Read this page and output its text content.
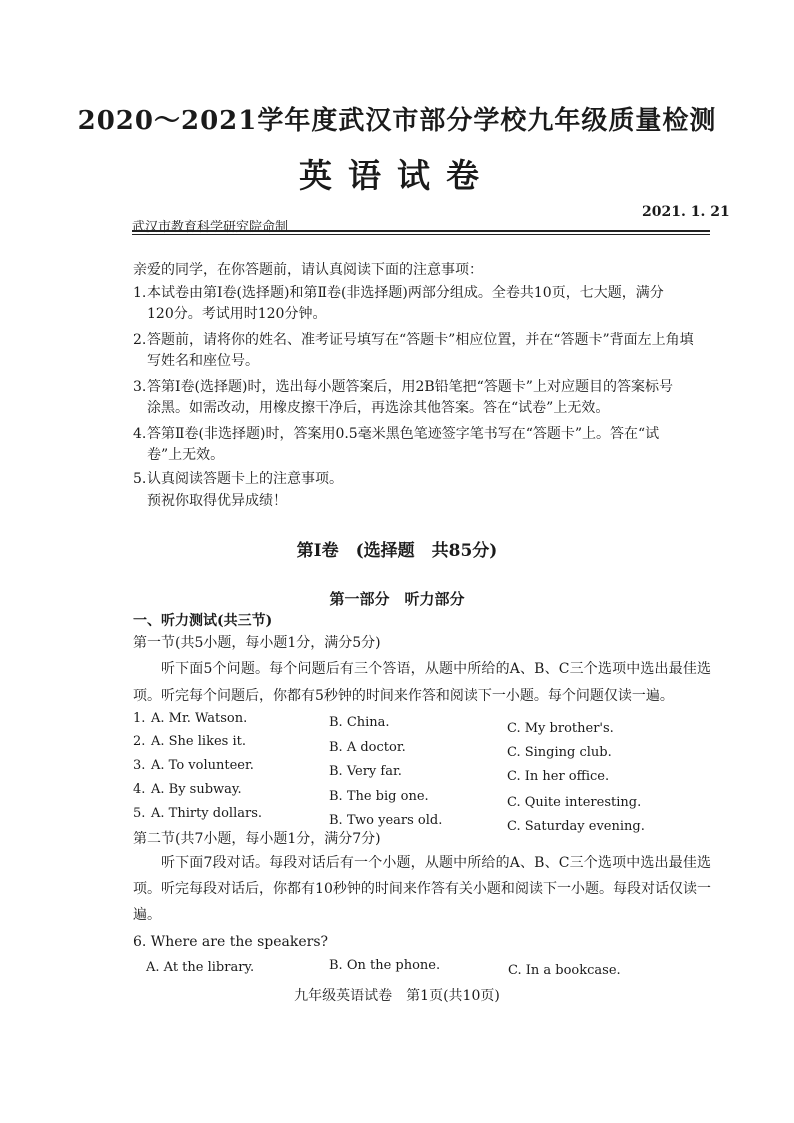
2020～2021学年度武汉市部分学校九年级质量检测
英语试卷
武汉市教育科学研究院命制
2021. 1. 21
亲爱的同学，在你答题前，请认真阅读下面的注意事项：
1. 本试卷由第Ⅰ卷(选择题)和第Ⅱ卷(非选择题)两部分组成。全卷共10页，七大题，满分
120分。考试用时120分钟。
2. 答题前，请将你的姓名、准考证号填写在“答题卡”相应位置，并在“答题卡”背面左上角填
写姓名和座位号。
3. 答第Ⅰ卷(选择题)时，选出每小题答案后，用2B铅笔把“答题卡”上对应题目的答案标号
涂黑。如需改动，用橡皮擦干净后，再选涂其他答案。答在“试卷”上无效。
4. 答第Ⅱ卷(非选择题)时，答案用0.5毫米黑色笔迹签字笔书写在“答题卡”上。答在“试
卷”上无效。
5. 认真阅读答题卡上的注意事项。
预祝你取得优异成绩！
第Ⅰ卷　(选择题　共85分)
第一部分　听力部分
一、听力测试(共三节)
第一节(共5小题，每小题1分，满分5分)
听下面5个问题。每个问题后有三个答语，从题中所给的A、B、C三个选项中选出最佳选项。听完每个问题后，你都有5秒钟的时间来作答和阅读下一小题。每个问题仅读一遍。
1. A. Mr. Watson.	B. China.	C. My brother's.
2. A. She likes it.	B. A doctor.	C. Singing club.
3. A. To volunteer.	B. Very far.	C. In her office.
4. A. By subway.	B. The big one.	C. Quite interesting.
5. A. Thirty dollars.	B. Two years old.	C. Saturday evening.
第二节(共7小题，每小题1分，满分7分)
听下面7段对话。每段对话后有一个小题，从题中所给的A、B、C三个选项中选出最佳选项。听完每段对话后，你都有10秒钟的时间来作答有关小题和阅读下一小题。每段对话仅读一遍。
6. Where are the speakers?
A. At the library.	B. On the phone.	C. In a bookcase.
九年级英语试卷　第1页(共10页)
